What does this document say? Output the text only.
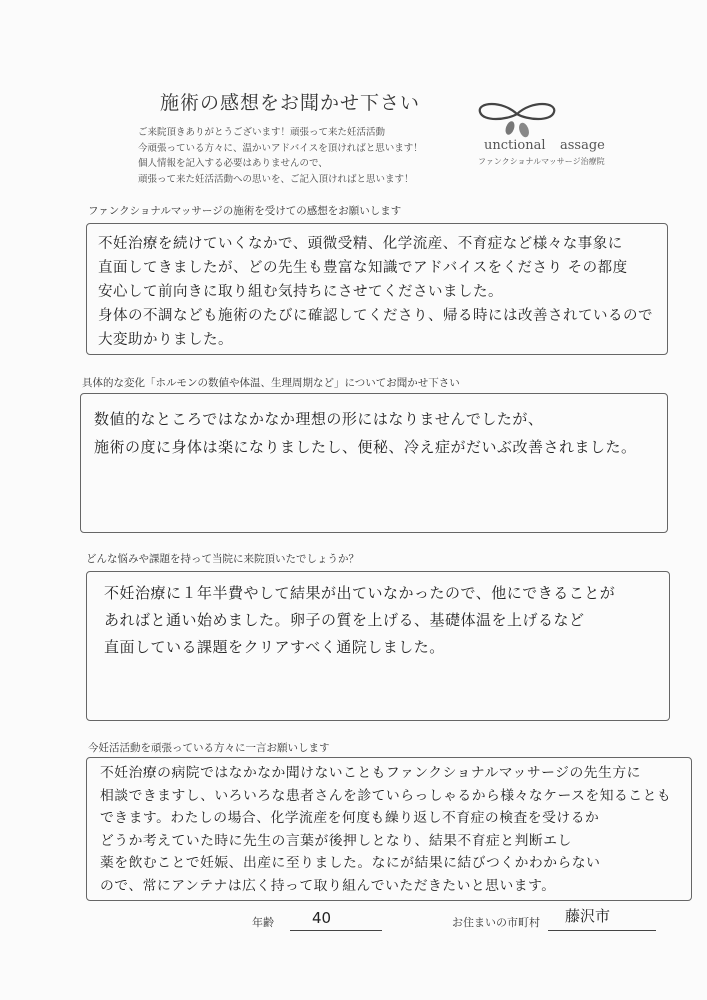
施術の感想をお聞かせ下さい
ご来院頂きありがとうございます！頑張って来た妊活活動
今頑張っている方々に、温かいアドバイスを頂ければと思います！
個人情報を記入する必要はありませんので、
頑張って来た妊活活動への思いを、ご記入頂ければと思います！
unctional assage
ファンクショナルマッサージ治療院
ファンクショナルマッサージの施術を受けての感想をお願いします
不妊治療を続けていくなかで、頭微受精、化学流産、不育症など様々な事象に
直面してきましたが、どの先生も豊富な知識でアドバイスをくださり その都度
安心して前向きに取り組む気持ちにさせてくださいました。
身体の不調なども施術のたびに確認してくださり、帰る時には改善されているので
大変助かりました。
具体的な変化「ホルモンの数値や体温、生理周期など」についてお聞かせ下さい
数値的なところではなかなか理想の形にはなりませんでしたが、
施術の度に身体は楽になりましたし、便秘、冷え症がだいぶ改善されました。
どんな悩みや課題を持って当院に来院頂いたでしょうか？
不妊治療に１年半費やして結果が出ていなかったので、他にできることが
あればと通い始めました。卵子の質を上げる、基礎体温を上げるなど
直面している課題をクリアすべく通院しました。
今妊活活動を頑張っている方々に一言お願いします
不妊治療の病院ではなかなか聞けないこともファンクショナルマッサージの先生方に
相談できますし、いろいろな患者さんを診ていらっしゃるから様々なケースを知ることも
できます。わたしの場合、化学流産を何度も繰り返し不育症の検査を受けるか
どうか考えていた時に先生の言葉が後押しとなり、結果不育症と判断エし
薬を飲むことで妊娠、出産に至りました。なにが結果に結びつくかわからない
ので、常にアンテナは広く持って取り組んでいただきたいと思います。
年齢	40	お住まいの市町村 藤沢市
